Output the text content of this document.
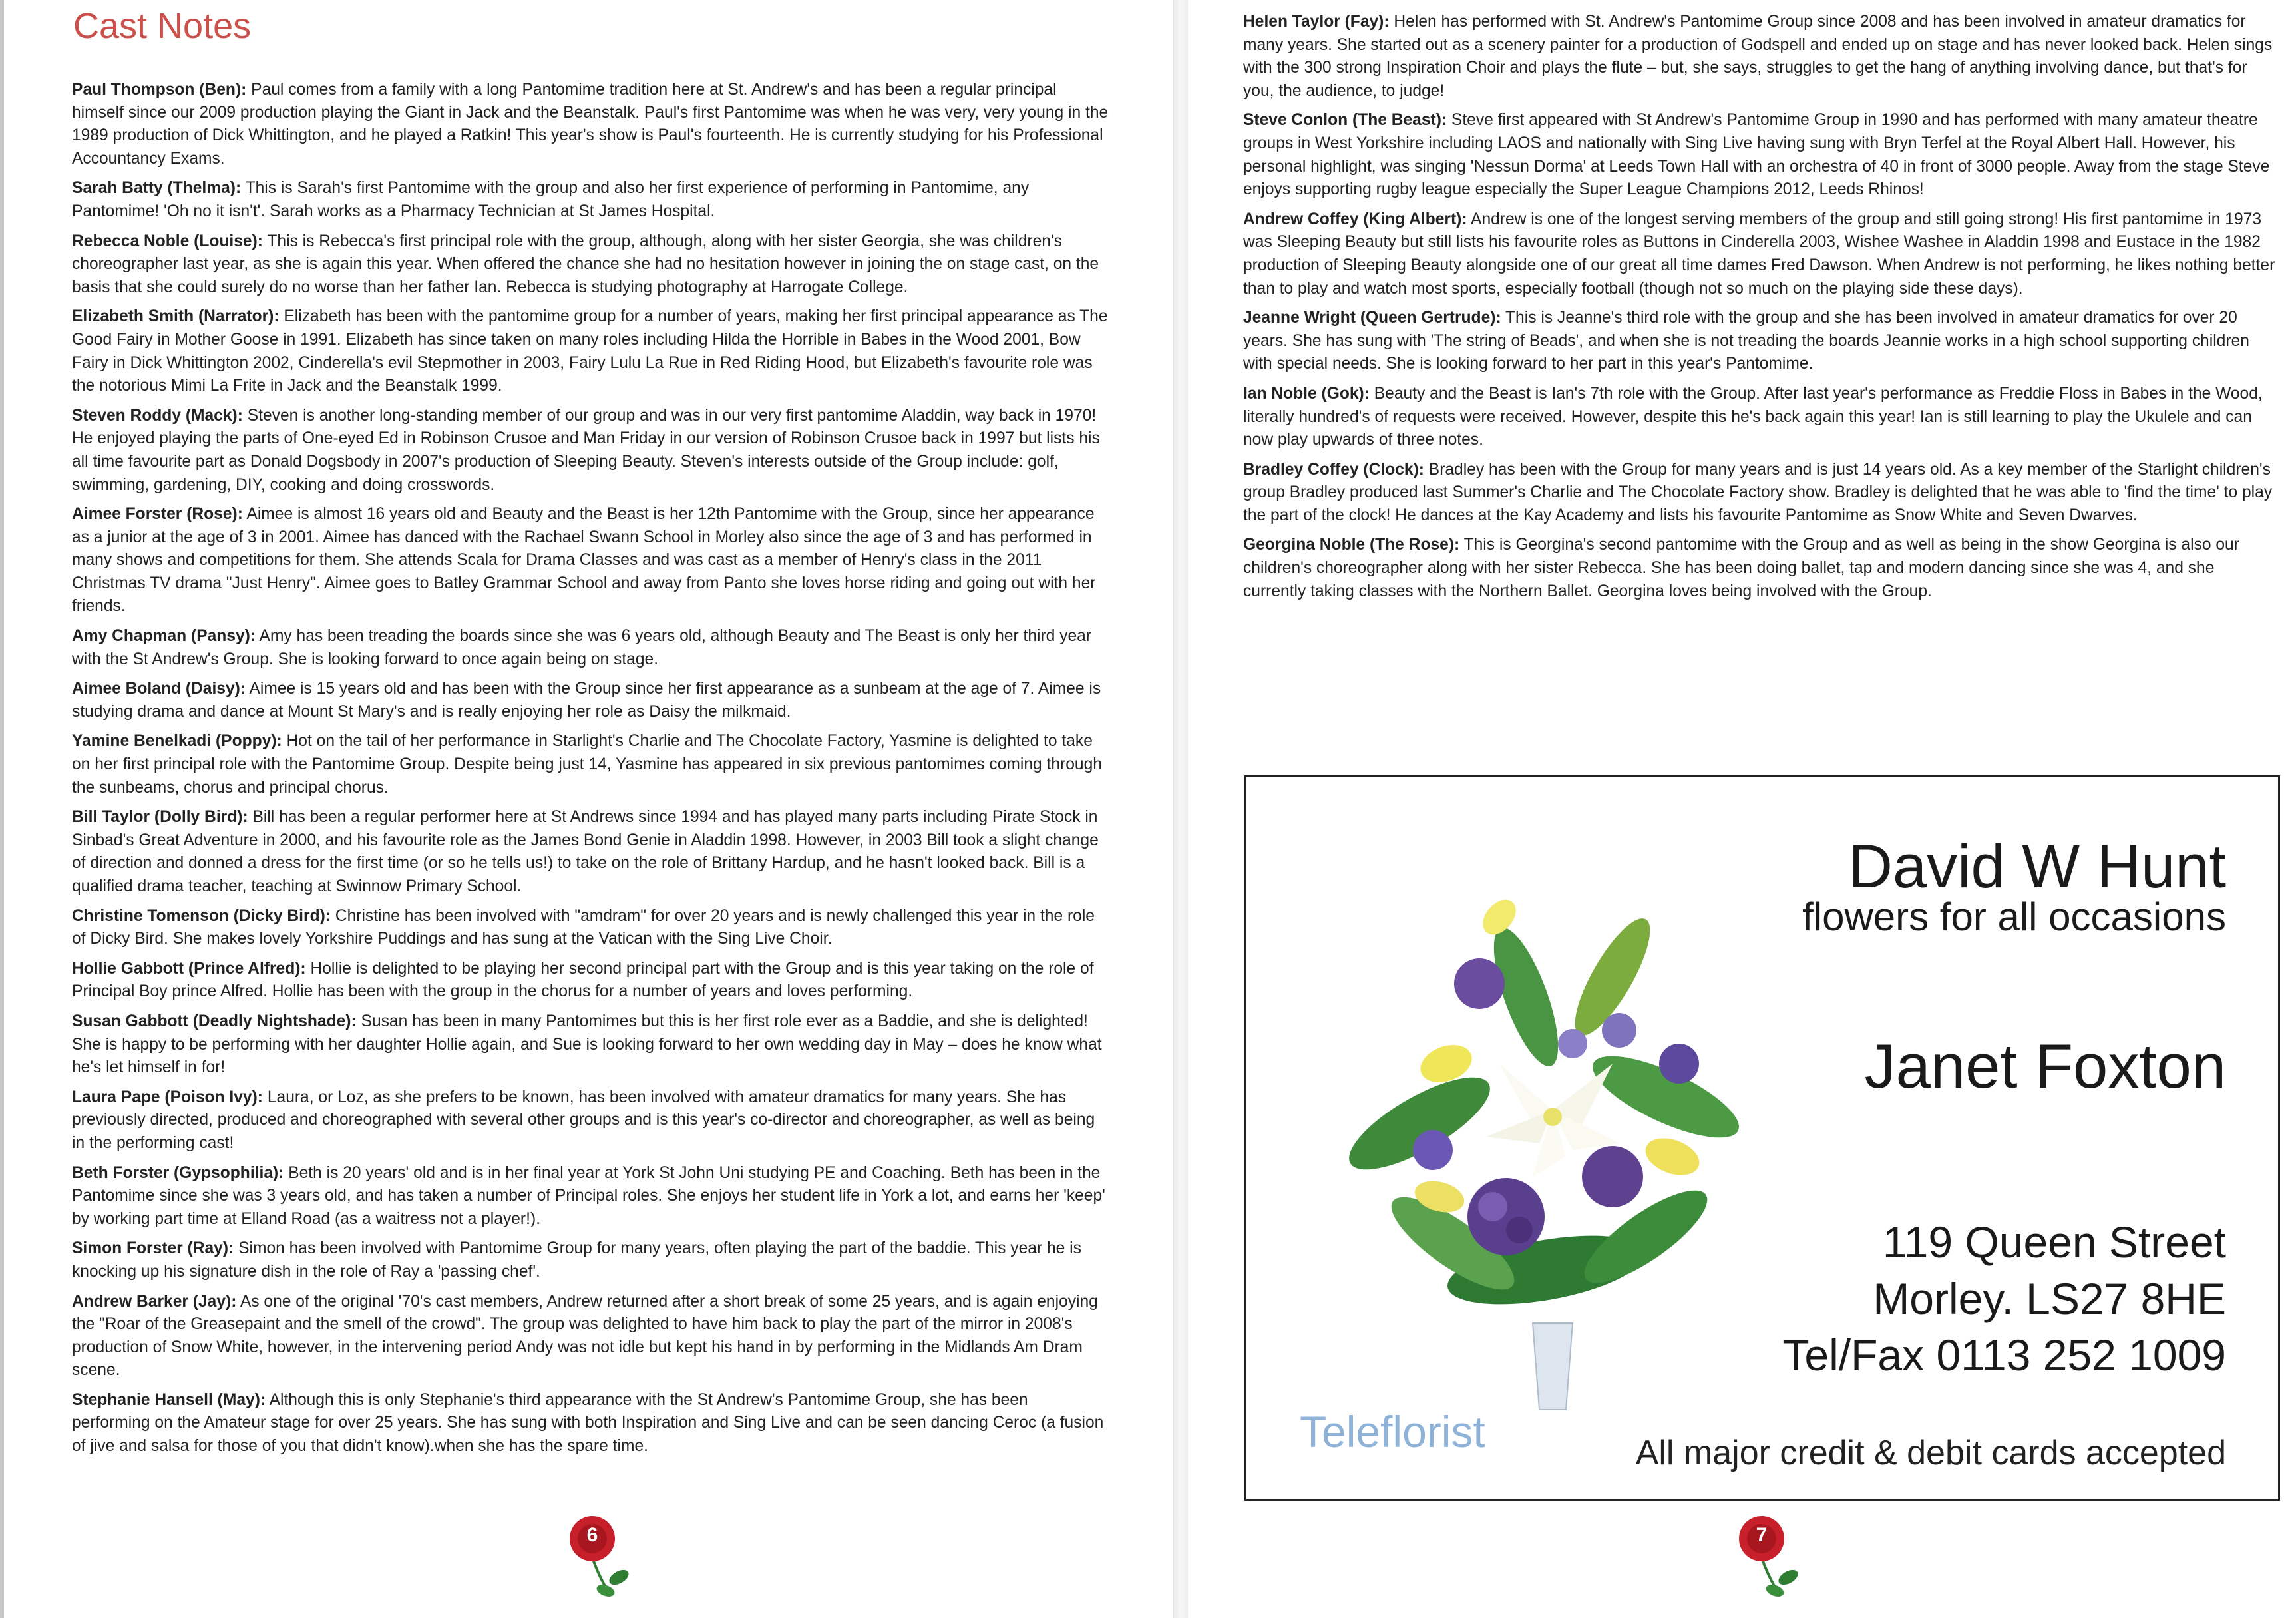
Cast Notes

Paul Thompson (Ben): Paul comes from a family with a long Pantomime tradition here at St. Andrew's and has been a regular principal himself since our 2009 production playing the Giant in Jack and the Beanstalk. Paul's first Pantomime was when he was very, very young in the 1989 production of Dick Whittington, and he played a Ratkin! This year's show is Paul's fourteenth. He is currently studying for his Professional Accountancy Exams.

Sarah Batty (Thelma): This is Sarah's first Pantomime with the group and also her first experience of performing in Pantomime, any Pantomime! 'Oh no it isn't'. Sarah works as a Pharmacy Technician at St James Hospital.

Rebecca Noble (Louise): This is Rebecca's first principal role with the group, although, along with her sister Georgia, she was children's choreographer last year, as she is again this year. When offered the chance she had no hesitation however in joining the on stage cast, on the basis that she could surely do no worse than her father Ian. Rebecca is studying photography at Harrogate College.

Elizabeth Smith (Narrator): Elizabeth has been with the pantomime group for a number of years, making her first principal appearance as The Good Fairy in Mother Goose in 1991. Elizabeth has since taken on many roles including Hilda the Horrible in Babes in the Wood 2001, Bow Fairy in Dick Whittington 2002, Cinderella's evil Stepmother in 2003, Fairy Lulu La Rue in Red Riding Hood, but Elizabeth's favourite role was the notorious Mimi La Frite in Jack and the Beanstalk 1999.

Steven Roddy (Mack): Steven is another long-standing member of our group and was in our very first pantomime Aladdin, way back in 1970! He enjoyed playing the parts of One-eyed Ed in Robinson Crusoe and Man Friday in our version of Robinson Crusoe back in 1997 but lists his all time favourite part as Donald Dogsbody in 2007's production of Sleeping Beauty. Steven's interests outside of the Group include: golf, swimming, gardening, DIY, cooking and doing crosswords.

Aimee Forster (Rose): Aimee is almost 16 years old and Beauty and the Beast is her 12th Pantomime with the Group, since her appearance as a junior at the age of 3 in 2001. Aimee has danced with the Rachael Swann School in Morley also since the age of 3 and has performed in many shows and competitions for them. She attends Scala for Drama Classes and was cast as a member of Henry's class in the 2011 Christmas TV drama "Just Henry". Aimee goes to Batley Grammar School and away from Panto she loves horse riding and going out with her friends.

Amy Chapman (Pansy): Amy has been treading the boards since she was 6 years old, although Beauty and The Beast is only her third year with the St Andrew's Group. She is looking forward to once again being on stage.

Aimee Boland (Daisy): Aimee is 15 years old and has been with the Group since her first appearance as a sunbeam at the age of 7. Aimee is studying drama and dance at Mount St Mary's and is really enjoying her role as Daisy the milkmaid.

Yamine Benelkadi (Poppy): Hot on the tail of her performance in Starlight's Charlie and The Chocolate Factory, Yasmine is delighted to take on her first principal role with the Pantomime Group. Despite being just 14, Yasmine has appeared in six previous pantomimes coming through the sunbeams, chorus and principal chorus.

Bill Taylor (Dolly Bird): Bill has been a regular performer here at St Andrews since 1994 and has played many parts including Pirate Stock in Sinbad's Great Adventure in 2000, and his favourite role as the James Bond Genie in Aladdin 1998. However, in 2003 Bill took a slight change of direction and donned a dress for the first time (or so he tells us!) to take on the role of Brittany Hardup, and he hasn't looked back. Bill is a qualified drama teacher, teaching at Swinnow Primary School.

Christine Tomenson (Dicky Bird): Christine has been involved with "amdram" for over 20 years and is newly challenged this year in the role of Dicky Bird. She makes lovely Yorkshire Puddings and has sung at the Vatican with the Sing Live Choir.

Hollie Gabbott (Prince Alfred): Hollie is delighted to be playing her second principal part with the Group and is this year taking on the role of Principal Boy prince Alfred. Hollie has been with the group in the chorus for a number of years and loves performing.

Susan Gabbott (Deadly Nightshade): Susan has been in many Pantomimes but this is her first role ever as a Baddie, and she is delighted! She is happy to be performing with her daughter Hollie again, and Sue is looking forward to her own wedding day in May – does he know what he's let himself in for!

Laura Pape (Poison Ivy): Laura, or Loz, as she prefers to be known, has been involved with amateur dramatics for many years. She has previously directed, produced and choreographed with several other groups and is this year's co-director and choreographer, as well as being in the performing cast!

Beth Forster (Gypsophilia): Beth is 20 years' old and is in her final year at York St John Uni studying PE and Coaching. Beth has been in the Pantomime since she was 3 years old, and has taken a number of Principal roles. She enjoys her student life in York a lot, and earns her 'keep' by working part time at Elland Road (as a waitress not a player!).

Simon Forster (Ray): Simon has been involved with Pantomime Group for many years, often playing the part of the baddie. This year he is knocking up his signature dish in the role of Ray a 'passing chef'.

Andrew Barker (Jay): As one of the original '70's cast members, Andrew returned after a short break of some 25 years, and is again enjoying the "Roar of the Greasepaint and the smell of the crowd". The group was delighted to have him back to play the part of the mirror in 2008's production of Snow White, however, in the intervening period Andy was not idle but kept his hand in by performing in the Midlands Am Dram scene.

Stephanie Hansell (May): Although this is only Stephanie's third appearance with the St Andrew's Pantomime Group, she has been performing on the Amateur stage for over 25 years. She has sung with both Inspiration and Sing Live and can be seen dancing Ceroc (a fusion of jive and salsa for those of you that didn't know).when she has the spare time.

Helen Taylor (Fay): Helen has performed with St. Andrew's Pantomime Group since 2008 and has been involved in amateur dramatics for many years. She started out as a scenery painter for a production of Godspell and ended up on stage and has never looked back. Helen sings with the 300 strong Inspiration Choir and plays the flute – but, she says, struggles to get the hang of anything involving dance, but that's for you, the audience, to judge!

Steve Conlon (The Beast): Steve first appeared with St Andrew's Pantomime Group in 1990 and has performed with many amateur theatre groups in West Yorkshire including LAOS and nationally with Sing Live having sung with Bryn Terfel at the Royal Albert Hall. However, his personal highlight, was singing 'Nessun Dorma' at Leeds Town Hall with an orchestra of 40 in front of 3000 people. Away from the stage Steve enjoys supporting rugby league especially the Super League Champions 2012, Leeds Rhinos!

Andrew Coffey (King Albert): Andrew is one of the longest serving members of the group and still going strong! His first pantomime in 1973 was Sleeping Beauty but still lists his favourite roles as Buttons in Cinderella 2003, Wishee Washee in Aladdin 1998 and Eustace in the 1982 production of Sleeping Beauty alongside one of our great all time dames Fred Dawson. When Andrew is not performing, he likes nothing better than to play and watch most sports, especially football (though not so much on the playing side these days).

Jeanne Wright (Queen Gertrude): This is Jeanne's third role with the group and she has been involved in amateur dramatics for over 20 years. She has sung with 'The string of Beads', and when she is not treading the boards Jeannie works in a high school supporting children with special needs. She is looking forward to her part in this year's Pantomime.

Ian Noble (Gok): Beauty and the Beast is Ian's 7th role with the Group. After last year's performance as Freddie Floss in Babes in the Wood, literally hundred's of requests were received. However, despite this he's back again this year! Ian is still learning to play the Ukulele and can now play upwards of three notes.

Bradley Coffey (Clock): Bradley has been with the Group for many years and is just 14 years old. As a key member of the Starlight children's group Bradley produced last Summer's Charlie and The Chocolate Factory show. Bradley is delighted that he was able to 'find the time' to play the part of the clock! He dances at the Kay Academy and lists his favourite Pantomime as Snow White and Seven Dwarves.

Georgina Noble (The Rose): This is Georgina's second pantomime with the Group and as well as being in the show Georgina is also our children's choreographer along with her sister Rebecca. She has been doing ballet, tap and modern dancing since she was 4, and she currently taking classes with the Northern Ballet. Georgina loves being involved with the Group.

David W Hunt
flowers for all occasions
Janet Foxton
119 Queen Street
Morley. LS27 8HE
Tel/Fax 0113 252 1009
All major credit & debit cards accepted
Teleflorist
6	7
